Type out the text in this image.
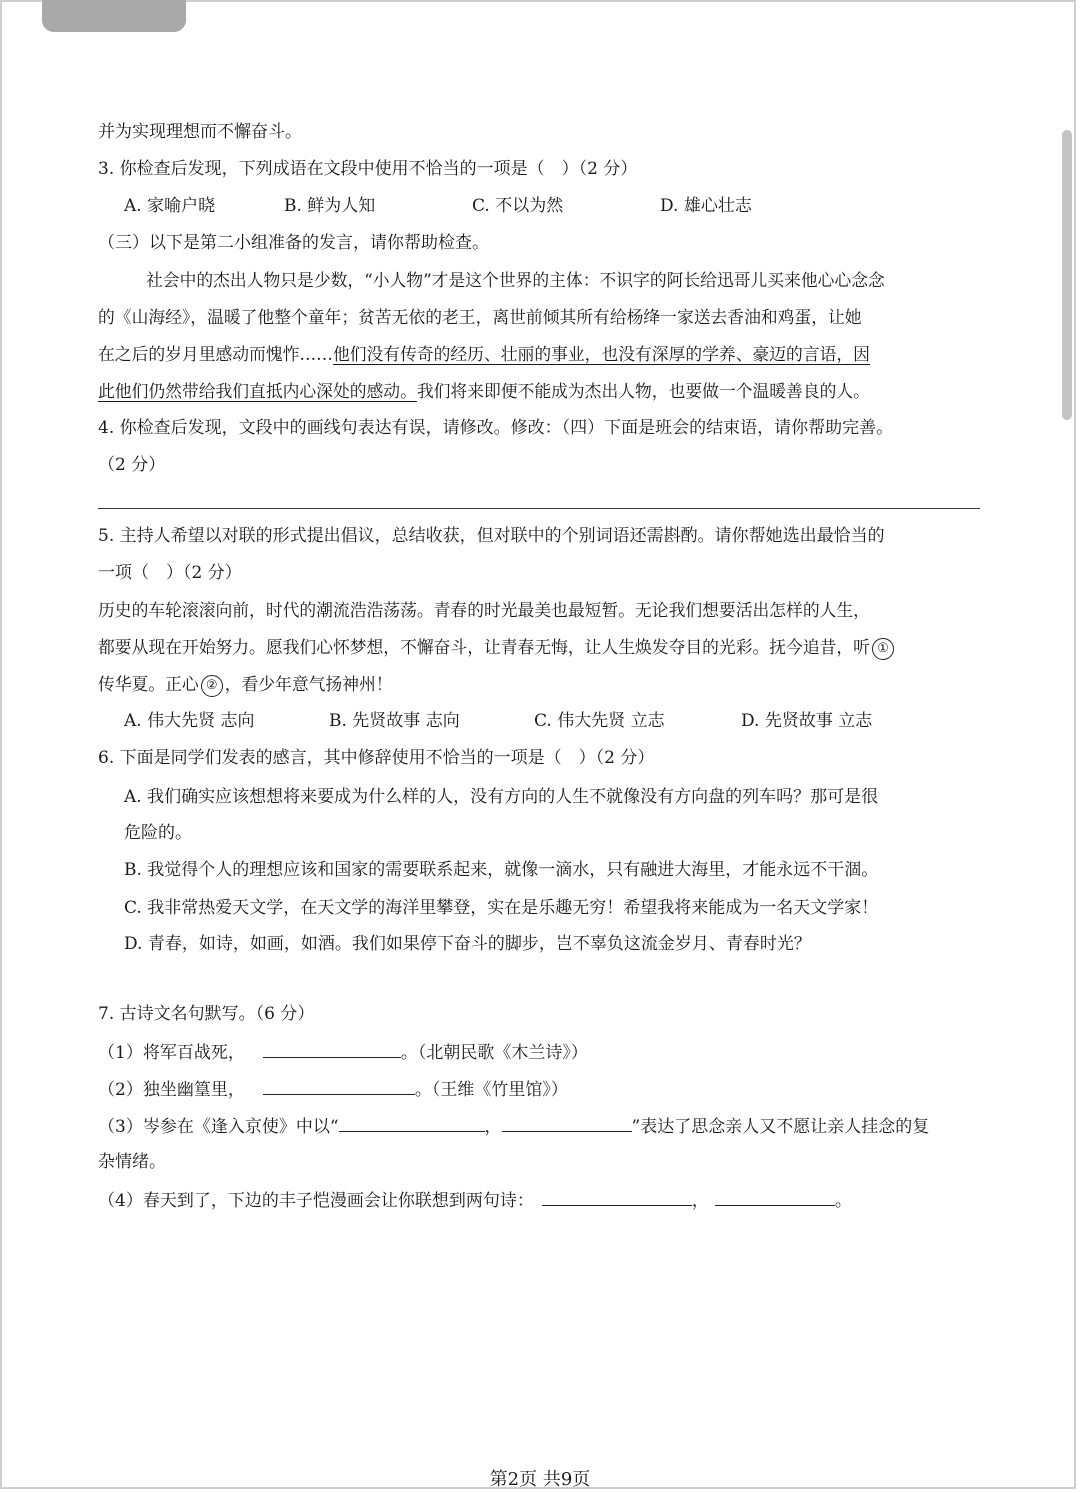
并为实现理想而不懈奋斗。
3. 你检查后发现，下列成语在文段中使用不恰当的一项是（　）（2 分）
A. 家喻户晓	B. 鲜为人知	C. 不以为然	D. 雄心壮志
（三）以下是第二小组准备的发言，请你帮助检查。
社会中的杰出人物只是少数，“小人物”才是这个世界的主体：不识字的阿长给迅哥儿买来他心心念念
的《山海经》，温暖了他整个童年；贫苦无依的老王，离世前倾其所有给杨绛一家送去香油和鸡蛋，让她
在之后的岁月里感动而愧怍……他们没有传奇的经历、壮丽的事业，也没有深厚的学养、豪迈的言语，因
此他们仍然带给我们直抵内心深处的感动。我们将来即便不能成为杰出人物，也要做一个温暖善良的人。
4. 你检查后发现，文段中的画线句表达有误，请修改。修改：（四）下面是班会的结束语，请你帮助完善。
（2 分）
5. 主持人希望以对联的形式提出倡议，总结收获，但对联中的个别词语还需斟酌。请你帮她选出最恰当的
一项（　）（2 分）
历史的车轮滚滚向前，时代的潮流浩浩荡荡。青春的时光最美也最短暂。无论我们想要活出怎样的人生，
都要从现在开始努力。愿我们心怀梦想，不懈奋斗，让青春无悔，让人生焕发夺目的光彩。抚今追昔，听 ①
传华夏。正心 ② ，看少年意气扬神州！
A. 伟大先贤 志向	B. 先贤故事 志向	C. 伟大先贤 立志	D. 先贤故事 立志
6. 下面是同学们发表的感言，其中修辞使用不恰当的一项是（　）（2 分）
A. 我们确实应该想想将来要成为什么样的人，没有方向的人生不就像没有方向盘的列车吗？那可是很
危险的。
B. 我觉得个人的理想应该和国家的需要联系起来，就像一滴水，只有融进大海里，才能永远不干涸。
C. 我非常热爱天文学，在天文学的海洋里攀登，实在是乐趣无穷！希望我将来能成为一名天文学家！
D. 青春，如诗，如画，如酒。我们如果停下奋斗的脚步，岂不辜负这流金岁月、青春时光？
7. 古诗文名句默写。（6 分）
（1）将军百战死，	。（北朝民歌《木兰诗》）
（2）独坐幽篁里，	。（王维《竹里馆》）
（3）岑参在《逢入京使》中以“	，	”表达了思念亲人又不愿让亲人挂念的复
杂情绪。
（4）春天到了，下边的丰子恺漫画会让你联想到两句诗：	，	。
第2页 共9页
